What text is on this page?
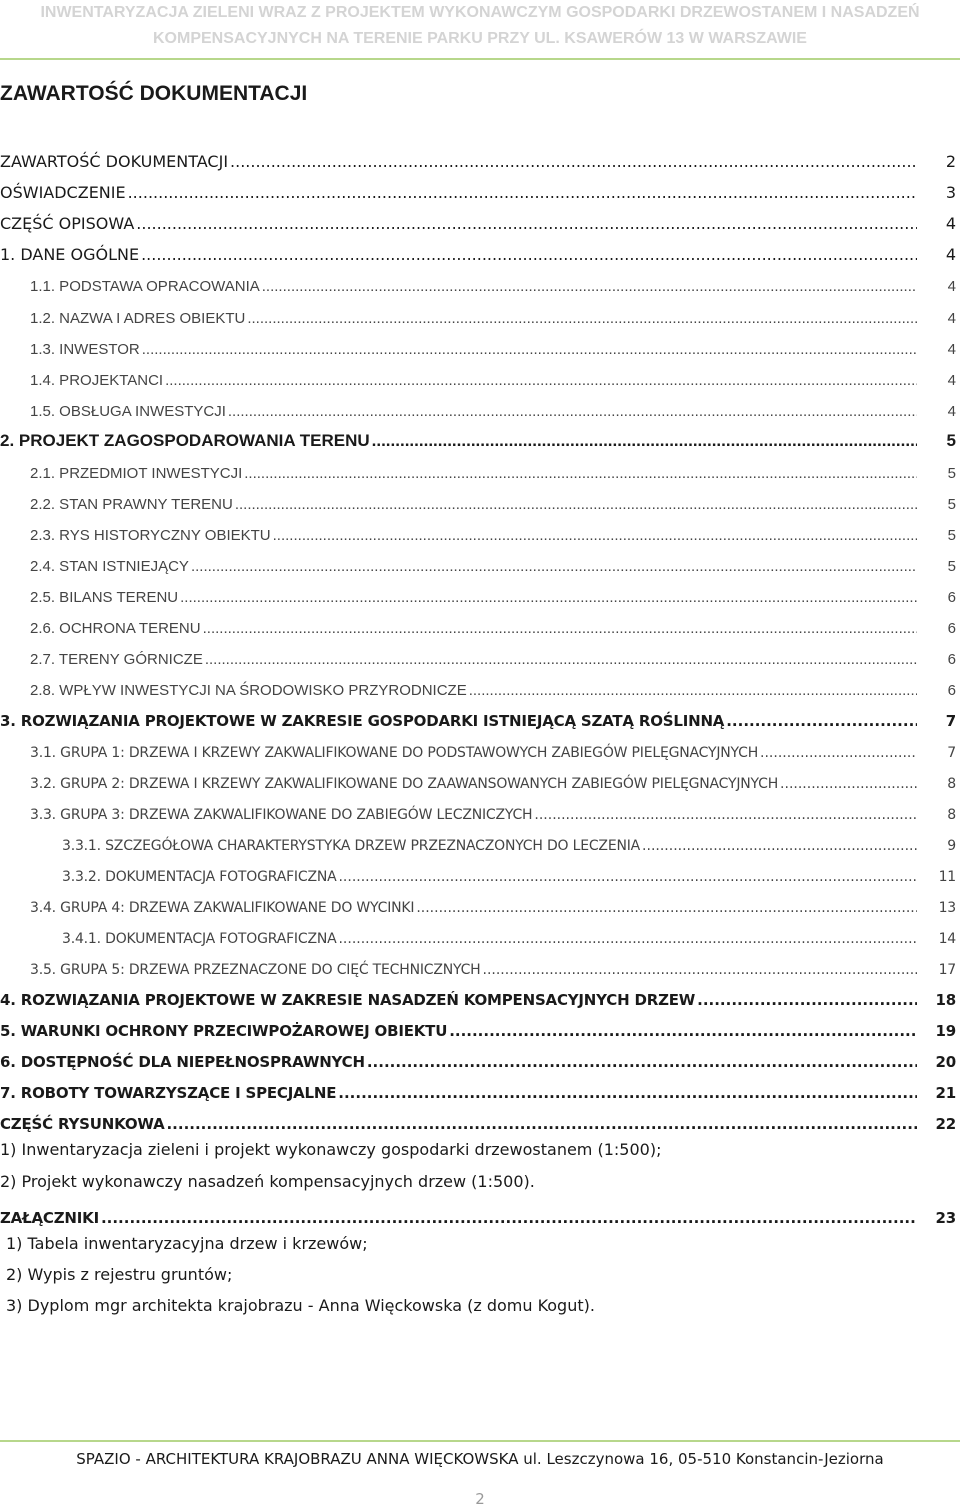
INWENTARYZACJA ZIELENI WRAZ Z PROJEKTEM WYKONAWCZYM GOSPODARKI DRZEWOSTANEM I NASADZEŃ
KOMPENSACYJNYCH NA TERENIE PARKU PRZY UL. KSAWERÓW 13 W WARSZAWIE
ZAWARTOŚĆ DOKUMENTACJI
ZAWARTOŚĆ DOKUMENTACJI .....	2
OŚWIADCZENIE .....	3
CZĘŚĆ OPISOWA .....	4
1. DANE OGÓLNE .....	4
1.1. PODSTAWA OPRACOWANIA .....	4
1.2. NAZWA I ADRES OBIEKTU .....	4
1.3. INWESTOR .....	4
1.4. PROJEKTANCI .....	4
1.5. OBSŁUGA INWESTYCJI .....	4
2. PROJEKT ZAGOSPODAROWANIA TERENU .....	5
2.1. PRZEDMIOT INWESTYCJI .....	5
2.2. STAN PRAWNY TERENU .....	5
2.3. RYS HISTORYCZNY OBIEKTU .....	5
2.4. STAN ISTNIEJĄCY .....	5
2.5. BILANS TERENU .....	6
2.6. OCHRONA TERENU .....	6
2.7. TERENY GÓRNICZE .....	6
2.8. WPŁYW INWESTYCJI NA ŚRODOWISKO PRZYRODNICZE .....	6
3. ROZWIĄZANIA PROJEKTOWE W ZAKRESIE GOSPODARKI ISTNIEJĄCĄ SZATĄ ROŚLINNĄ .....	7
3.1. GRUPA 1: DRZEWA I KRZEWY ZAKWALIFIKOWANE DO PODSTAWOWYCH ZABIEGÓW PIELĘGNACYJNYCH .....	7
3.2. GRUPA 2: DRZEWA I KRZEWY ZAKWALIFIKOWANE DO ZAAWANSOWANYCH ZABIEGÓW PIELĘGNACYJNYCH .....	8
3.3. GRUPA 3: DRZEWA ZAKWALIFIKOWANE DO ZABIEGÓW LECZNICZYCH .....	8
3.3.1. SZCZEGÓŁOWA CHARAKTERYSTYKA DRZEW PRZEZNACZONYCH DO LECZENIA .....	9
3.3.2. DOKUMENTACJA FOTOGRAFICZNA .....	11
3.4. GRUPA 4: DRZEWA ZAKWALIFIKOWANE DO WYCINKI .....	13
3.4.1. DOKUMENTACJA FOTOGRAFICZNA .....	14
3.5. GRUPA 5: DRZEWA PRZEZNACZONE DO CIĘĆ TECHNICZNYCH .....	17
4. ROZWIĄZANIA PROJEKTOWE W ZAKRESIE NASADZEŃ KOMPENSACYJNYCH DRZEW .....	18
5. WARUNKI OCHRONY PRZECIWPOŻAROWEJ OBIEKTU .....	19
6. DOSTĘPNOŚĆ DLA NIEPEŁNOSPRAWNYCH .....	20
7. ROBOTY TOWARZYSZĄCE I SPECJALNE .....	21
CZĘŚĆ RYSUNKOWA .....	22
1) Inwentaryzacja zieleni i projekt wykonawczy gospodarki drzewostanem (1:500);
2) Projekt wykonawczy nasadzeń kompensacyjnych drzew (1:500).
ZAŁĄCZNIKI .....	23
1) Tabela inwentaryzacyjna drzew i krzewów;
2) Wypis z rejestru gruntów;
3) Dyplom mgr architekta krajobrazu - Anna Więckowska (z domu Kogut).
SPAZIO - ARCHITEKTURA KRAJOBRAZU ANNA WIĘCKOWSKA ul. Leszczynowa 16, 05-510 Konstancin-Jeziorna
2
